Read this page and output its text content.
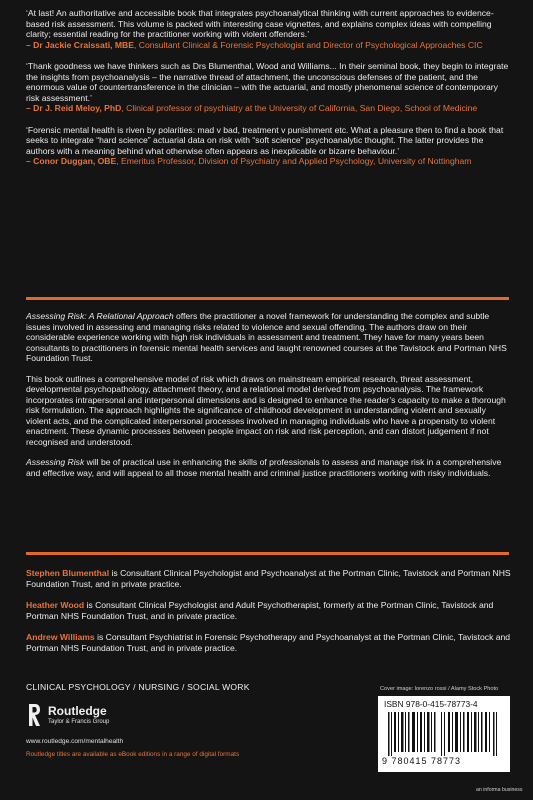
‘At last! An authoritative and accessible book that integrates psychoanalytical thinking with current approaches to evidence-based risk assessment. This volume is packed with interesting case vignettes, and explains complex ideas with compelling clarity; essential reading for the practitioner working with violent offenders.’

– Dr Jackie Craissati, MBE, Consultant Clinical & Forensic Psychologist and Director of Psychological Approaches CIC

‘Thank goodness we have thinkers such as Drs Blumenthal, Wood and Williams... In their seminal book, they begin to integrate the insights from psychoanalysis – the narrative thread of attachment, the unconscious defenses of the patient, and the enormous value of countertransference in the clinician – with the actuarial, and mostly phenomenal science of contemporary risk assessment.’

– Dr J. Reid Meloy, PhD, Clinical professor of psychiatry at the University of California, San Diego, School of Medicine

‘Forensic mental health is riven by polarities: mad v bad, treatment v punishment etc. What a pleasure then to find a book that seeks to integrate “hard science” actuarial data on risk with “soft science” psychoanalytic thought. The latter provides the authors with a meaning behind what otherwise often appears as inexplicable or bizarre behaviour.’

– Conor Duggan, OBE, Emeritus Professor, Division of Psychiatry and Applied Psychology, University of Nottingham

Assessing Risk: A Relational Approach offers the practitioner a novel framework for understanding the complex and subtle issues involved in assessing and managing risks related to violence and sexual offending. The authors draw on their considerable experience working with high risk individuals in assessment and treatment. They have for many years been consultants to practitioners in forensic mental health services and taught renowned courses at the Tavistock and Portman NHS Foundation Trust.

This book outlines a comprehensive model of risk which draws on mainstream empirical research, threat assessment, developmental psychopathology, attachment theory, and a relational model derived from psychoanalysis. The framework incorporates intrapersonal and interpersonal dimensions and is designed to enhance the reader’s capacity to make a thorough risk formulation. The approach highlights the significance of childhood development in understanding violent and sexually violent acts, and the complicated interpersonal processes involved in managing individuals who have a propensity to violent enactment. These dynamic processes between people impact on risk and risk perception, and can distort judgement if not recognised and understood.

Assessing Risk will be of practical use in enhancing the skills of professionals to assess and manage risk in a comprehensive and effective way, and will appeal to all those mental health and criminal justice practitioners working with risky individuals.

Stephen Blumenthal is Consultant Clinical Psychologist and Psychoanalyst at the Portman Clinic, Tavistock and Portman NHS Foundation Trust, and in private practice.

Heather Wood is Consultant Clinical Psychologist and Adult Psychotherapist, formerly at the Portman Clinic, Tavistock and Portman NHS Foundation Trust, and in private practice.

Andrew Williams is Consultant Psychiatrist in Forensic Psychotherapy and Psychoanalyst at the Portman Clinic, Tavistock and Portman NHS Foundation Trust, and in private practice.

CLINICAL PSYCHOLOGY / NURSING / SOCIAL WORK
Routledge
Taylor & Francis Group
www.routledge.com/mentalhealth
Routledge titles are available as eBook editions in a range of digital formats
Cover image: lorenzo rossi / Alamy Stock Photo
ISBN 978-0-415-78773-4
9 780415 78773
an informa business
